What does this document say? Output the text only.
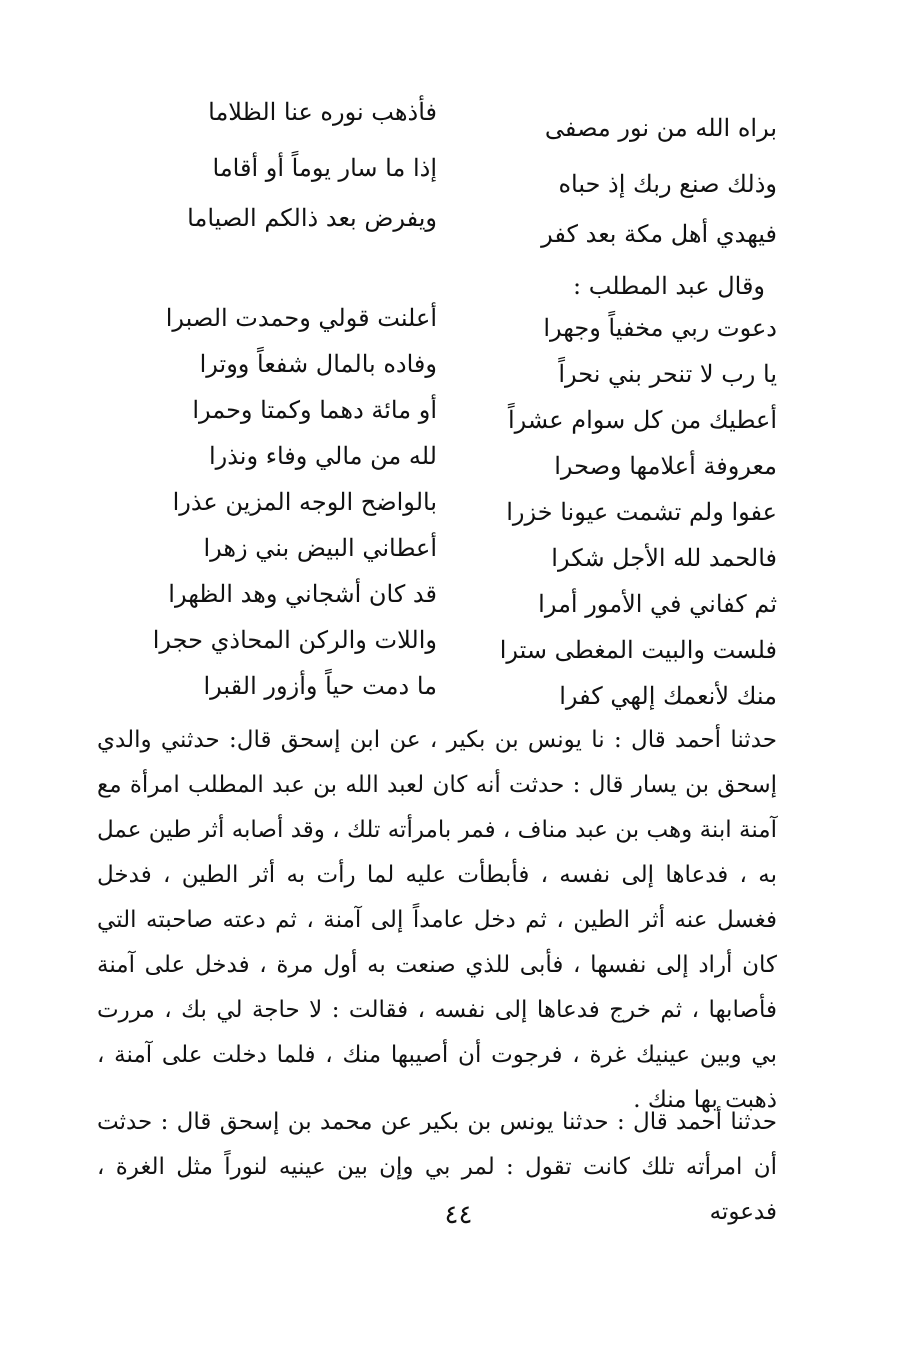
براه الله من نور مصفى
فأذهب نوره عنا الظلاما
وذلك صنع ربك إذ حباه
إذا ما سار يوماً أو أقاما
فيهدي أهل مكة بعد كفر
ويفرض بعد ذالكم الصياما
وقال عبد المطلب :
دعوت ربي مخفياً وجهرا
أعلنت قولي وحمدت الصبرا
يا رب لا تنحر بني نحراً
وفاده بالمال شفعاً ووترا
أعطيك من كل سوام عشراً
أو مائة دهما وكمتا وحمرا
معروفة أعلامها وصحرا
لله من مالي وفاء ونذرا
عفوا ولم تشمت عيونا خزرا
بالواضح الوجه المزين عذرا
فالحمد لله الأجل شكرا
أعطاني البيض بني زهرا
ثم كفاني في الأمور أمرا
قد كان أشجاني وهد الظهرا
فلست والبيت المغطى سترا
واللات والركن المحاذي حجرا
منك لأنعمك إلهي كفرا
ما دمت حياً وأزور القبرا

حدثنا أحمد قال : نا يونس بن بكير ، عن ابن إسحق قال: حدثني والدي إسحق بن يسار قال : حدثت أنه كان لعبد الله بن عبد المطلب امرأة مع آمنة ابنة وهب بن عبد مناف ، فمر بامرأته تلك ، وقد أصابه أثر طين عمل به ، فدعاها إلى نفسه ، فأبطأت عليه لما رأت به أثر الطين ، فدخل فغسل عنه أثر الطين ، ثم دخل عامداً إلى آمنة ، ثم دعته صاحبته التي كان أراد إلى نفسها ، فأبى للذي صنعت به أول مرة ، فدخل على آمنة فأصابها ، ثم خرج فدعاها إلى نفسه ، فقالت : لا حاجة لي بك ، مررت بي وبين عينيك غرة ، فرجوت أن أصيبها منك ، فلما دخلت على آمنة ، ذهبت بها منك .

حدثنا أحمد قال : حدثنا يونس بن بكير عن محمد بن إسحق قال : حدثت أن امرأته تلك كانت تقول : لمر بي وإن بين عينيه لنوراً مثل الغرة ، فدعوته

٤٤
